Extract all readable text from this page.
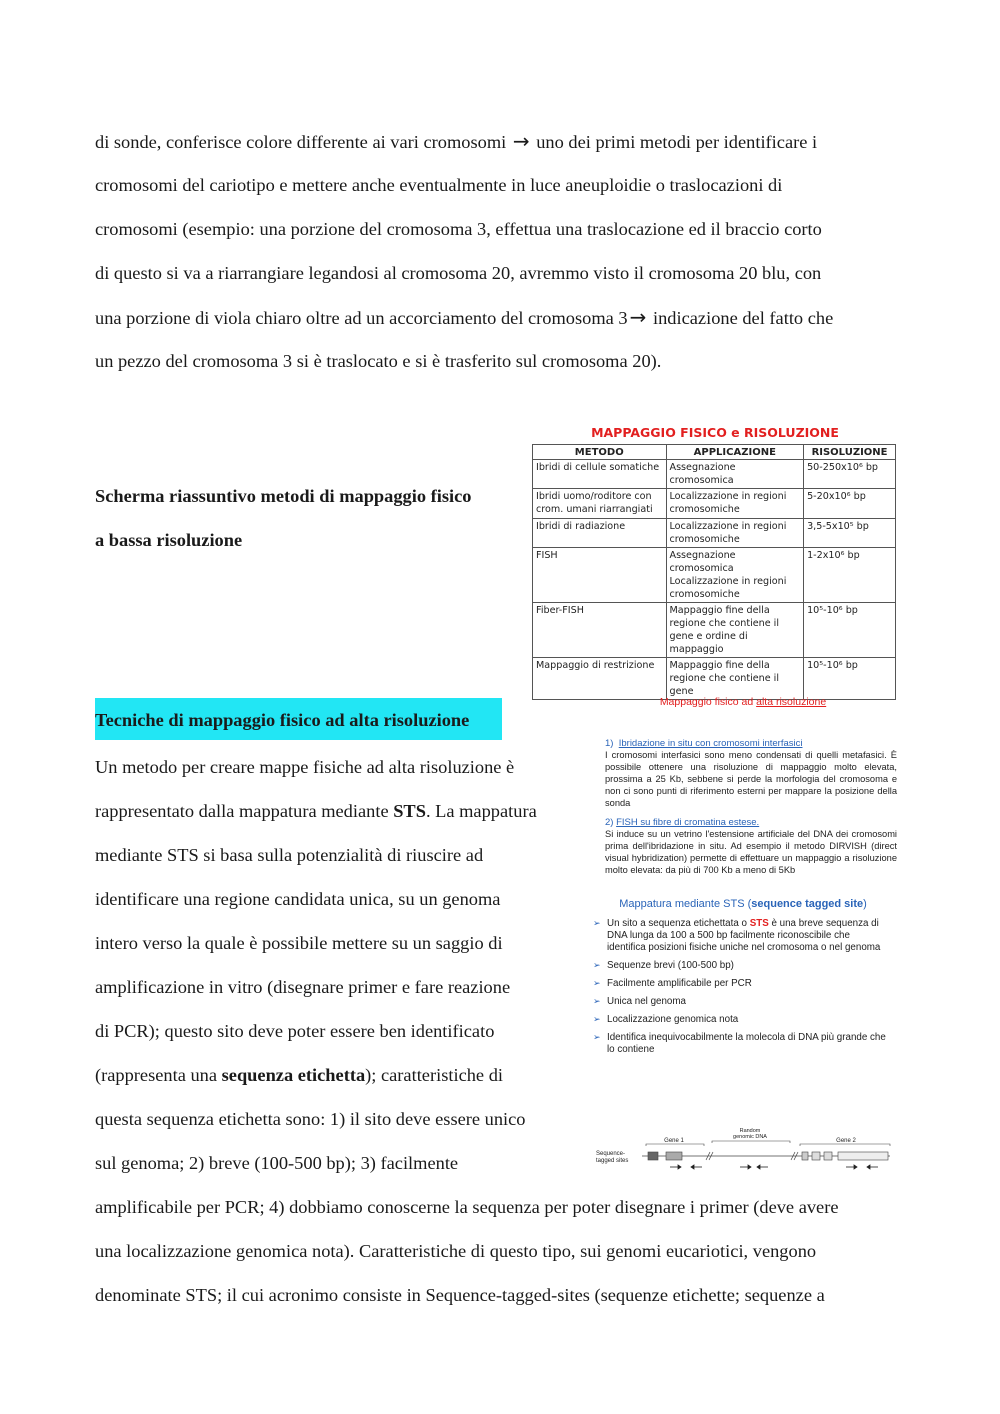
di sonde, conferisce colore differente ai vari cromosomi → uno dei primi metodi per identificare i
cromosomi del cariotipo e mettere anche eventualmente in luce aneuploidie o traslocazioni di
cromosomi (esempio: una porzione del cromosoma 3, effettua una traslocazione ed il braccio corto
di questo si va a riarrangiare legandosi al cromosoma 20, avremmo visto il cromosoma 20 blu, con
una porzione di viola chiaro oltre ad un accorciamento del cromosoma 3 → indicazione del fatto che
un pezzo del cromosoma 3 si è traslocato e si è trasferito sul cromosoma 20).
Scherma riassuntivo metodi di mappaggio fisico
a bassa risoluzione
MAPPAGGIO FISICO e RISOLUZIONE
METODO	APPLICAZIONE	RISOLUZIONE
Ibridi di cellule somatiche	Assegnazione cromosomica	50-250x10⁶ bp
Ibridi uomo/roditore con crom. umani riarrangiati	Localizzazione in regioni cromosomiche	5-20x10⁶ bp
Ibridi di radiazione	Localizzazione in regioni cromosomiche	3,5-5x10⁵ bp
FISH	Assegnazione cromosomica Localizzazione in regioni cromosomiche	1-2x10⁶ bp
Fiber-FISH	Mappaggio fine della regione che contiene il gene e ordine di mappaggio	10⁵-10⁶ bp
Mappaggio di restrizione	Mappaggio fine della regione che contiene il gene	10⁵-10⁶ bp
Tecniche di mappaggio fisico ad alta risoluzione
Un metodo per creare mappe fisiche ad alta risoluzione è
rappresentato dalla mappatura mediante STS. La mappatura
mediante STS si basa sulla potenzialità di riuscire ad
identificare una regione candidata unica, su un genoma
intero verso la quale è possibile mettere su un saggio di
amplificazione in vitro (disegnare primer e fare reazione
di PCR); questo sito deve poter essere ben identificato
(rappresenta una sequenza etichetta); caratteristiche di
questa sequenza etichetta sono: 1) il sito deve essere unico
sul genoma; 2) breve (100-500 bp); 3) facilmente
amplificabile per PCR; 4) dobbiamo conoscerne la sequenza per poter disegnare i primer (deve avere
una localizzazione genomica nota). Caratteristiche di questo tipo, sui genomi eucariotici, vengono
denominate STS; il cui acronimo consiste in Sequence-tagged-sites (sequenze etichette; sequenze a
Mappaggio fisico ad alta risoluzione
1) Ibridazione in situ con cromosomi interfasici
I cromosomi interfasici sono meno condensati di quelli metafasici. È possibile ottenere una risoluzione di mappaggio molto elevata, prossima a 25 Kb, sebbene si perde la morfologia del cromosoma e non ci sono punti di riferimento esterni per mappare la posizione della sonda
2) FISH su fibre di cromatina estese.
Si induce su un vetrino l'estensione artificiale del DNA dei cromosomi prima dell'ibridazione in situ. Ad esempio il metodo DIRVISH (direct visual hybridization) permette di effettuare un mappaggio a risoluzione molto elevata: da più di 700 Kb a meno di 5Kb
Mappatura mediante STS (sequence tagged site)
➢ Un sito a sequenza etichettata o STS è una breve sequenza di DNA lunga da 100 a 500 bp facilmente riconoscibile che identifica posizioni fisiche uniche nel cromosoma o nel genoma
➢ Sequenze brevi (100-500 bp)
➢ Facilmente amplificabile per PCR
➢ Unica nel genoma
➢ Localizzazione genomica nota
➢ Identifica inequivocabilmente la molecola di DNA più grande che lo contiene
Sequence-
tagged sites
Gene 1
Random
genomic DNA
Gene 2
